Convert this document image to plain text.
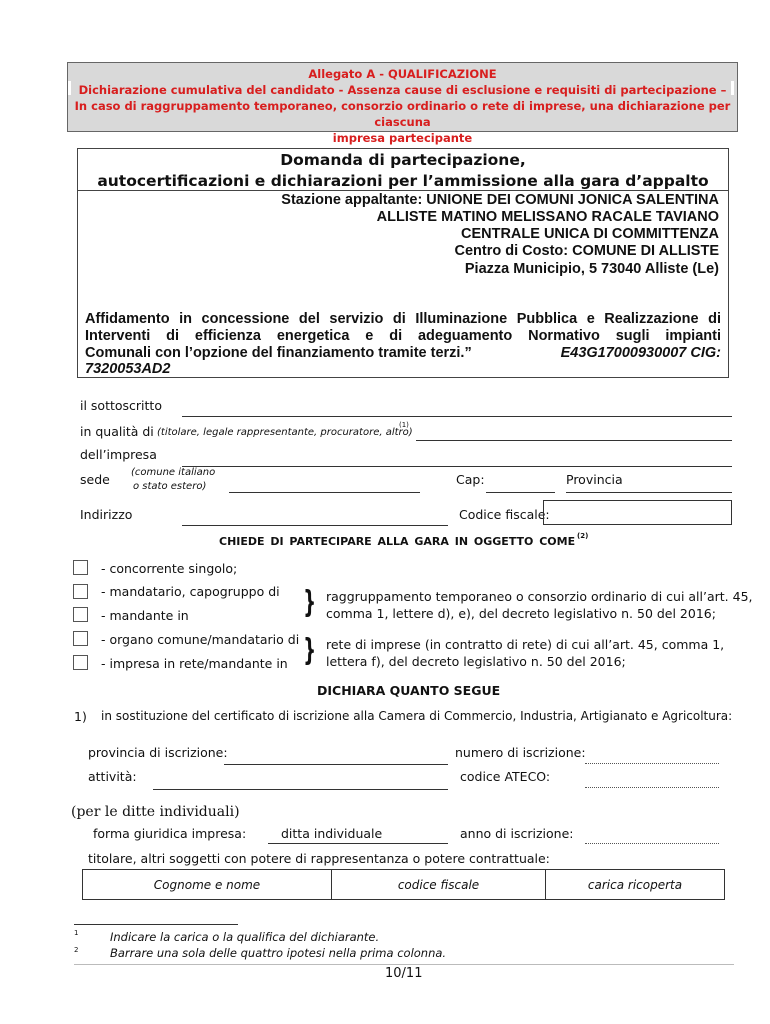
Allegato A - QUALIFICAZIONE
Dichiarazione cumulativa del candidato - Assenza cause di esclusione e requisiti di partecipazione –
In caso di raggruppamento temporaneo, consorzio ordinario o rete di imprese, una dichiarazione per ciascuna
impresa partecipante
Domanda di partecipazione,
autocertificazioni e dichiarazioni per l’ammissione alla gara d’appalto
Stazione appaltante: UNIONE DEI COMUNI JONICA SALENTINA
ALLISTE MATINO MELISSANO RACALE TAVIANO
CENTRALE UNICA DI COMMITTENZA
Centro di Costo: COMUNE DI ALLISTE
Piazza Municipio, 5 73040 Alliste (Le)
Affidamento in concessione del servizio di Illuminazione Pubblica e Realizzazione di
Interventi di efficienza energetica e di adeguamento Normativo sugli impianti
Comunali con l’opzione del finanziamento tramite terzi.”	E43G17000930007 CIG:
7320053AD2
il sottoscritto
in qualità di (titolare, legale rappresentante, procuratore, altro)
(1)
dell’impresa
sede (comune italiano
o stato estero)	Cap:	Provincia
Indirizzo	Codice fiscale:
CHIEDE DI PARTECIPARE ALLA GARA IN OGGETTO COME (2)
- concorrente singolo;
- mandatario, capogruppo di
- mandante in
- organo comune/mandatario di
- impresa in rete/mandante in
} raggruppamento temporaneo o consorzio ordinario di cui all’art. 45,
comma 1, lettere d), e), del decreto legislativo n. 50 del 2016;
} rete di imprese (in contratto di rete) di cui all’art. 45, comma 1,
lettera f), del decreto legislativo n. 50 del 2016;
DICHIARA QUANTO SEGUE
1) in sostituzione del certificato di iscrizione alla Camera di Commercio, Industria, Artigianato e Agricoltura:
provincia di iscrizione:	numero di iscrizione:
attività:	codice ATECO:
(per le ditte individuali)
forma giuridica impresa:	ditta individuale	anno di iscrizione:
titolare, altri soggetti con potere di rappresentanza o potere contrattuale:
Cognome e nome	codice fiscale	carica ricoperta
1	Indicare la carica o la qualifica del dichiarante.
2	Barrare una sola delle quattro ipotesi nella prima colonna.
10/11
